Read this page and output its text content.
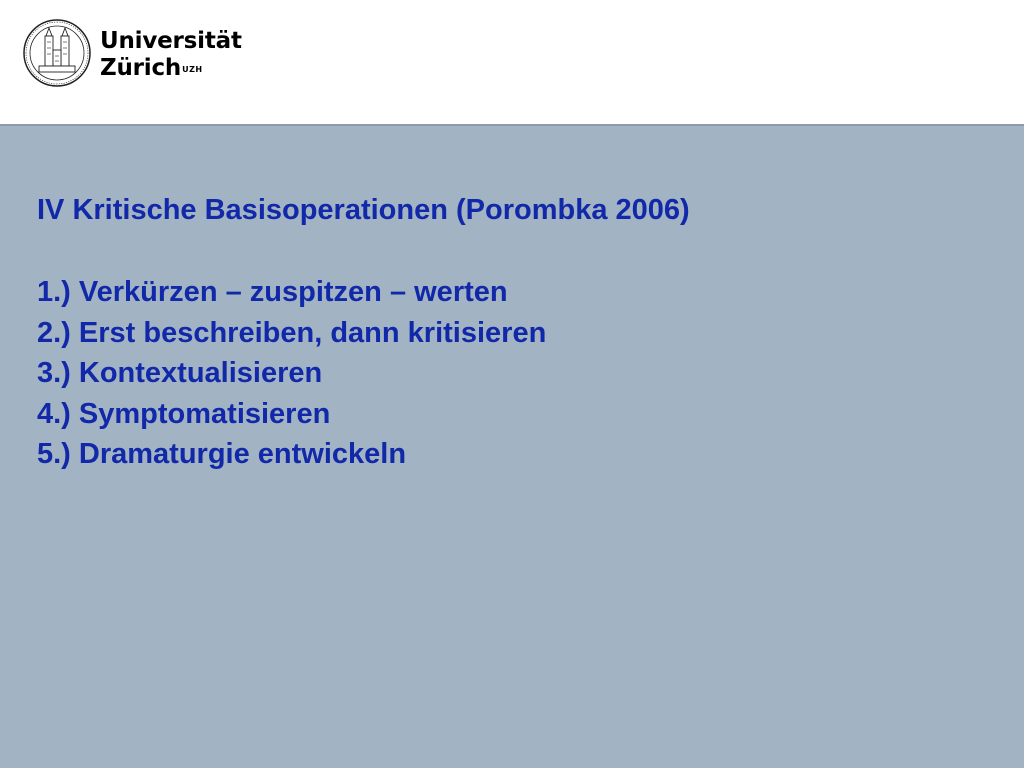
Universität
Zürich$^{UZH}$
IV Kritische Basisoperationen (Porombka 2006)
1.) Verkürzen – zuspitzen – werten
2.) Erst beschreiben, dann kritisieren
3.) Kontextualisieren
4.) Symptomatisieren
5.) Dramaturgie entwickeln
